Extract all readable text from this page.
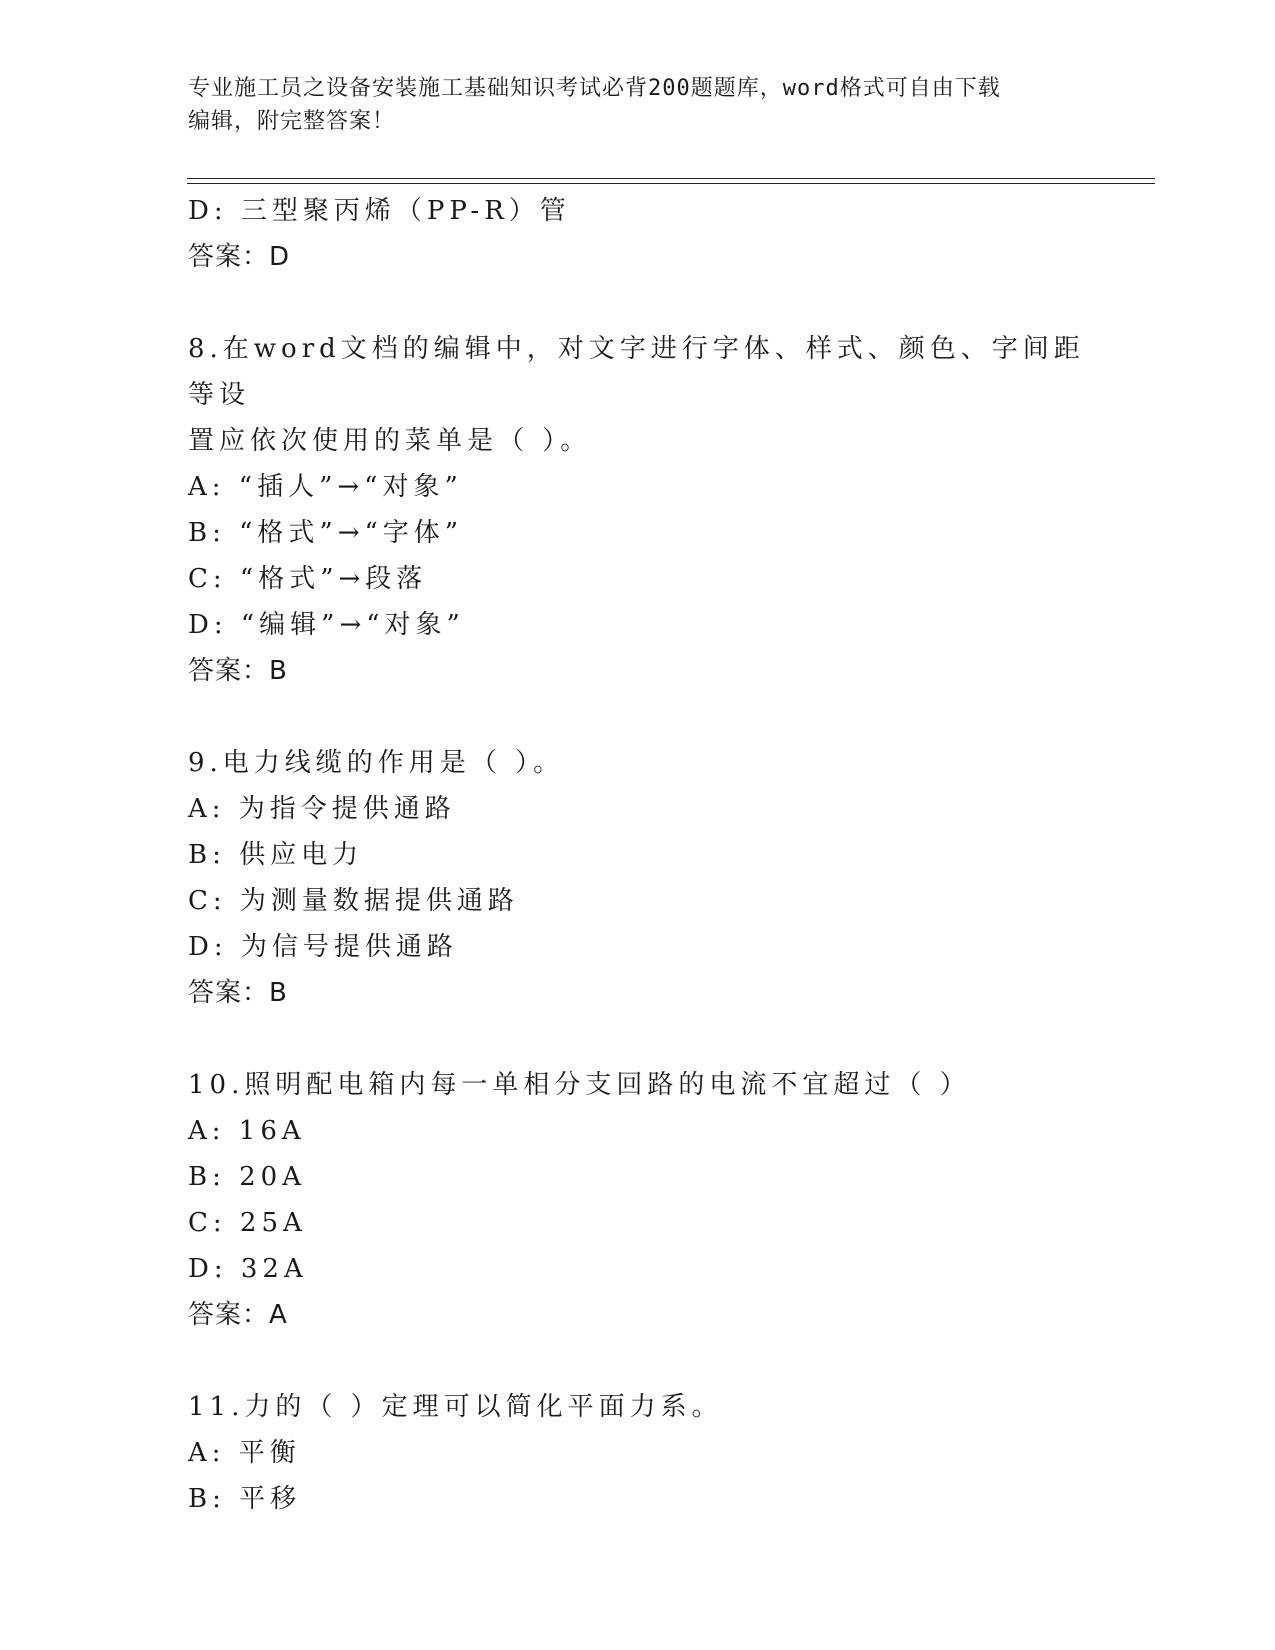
专业施工员之设备安装施工基础知识考试必背200题题库，word格式可自由下载
编辑，附完整答案！
D: 三型聚丙烯（PP-R）管
答案：D
8.在word文档的编辑中，对文字进行字体、样式、颜色、字间距等设
置应依次使用的菜单是（ ）。
A: “插人”→“对象”
B: “格式”→“字体”
C: “格式”→段落
D: “编辑”→“对象”
答案：B
9.电力线缆的作用是（ ）。
A: 为指令提供通路
B: 供应电力
C: 为测量数据提供通路
D: 为信号提供通路
答案：B
10.照明配电箱内每一单相分支回路的电流不宜超过（ ）
A: 16A
B: 20A
C: 25A
D: 32A
答案：A
11.力的（ ）定理可以简化平面力系。
A: 平衡
B: 平移
